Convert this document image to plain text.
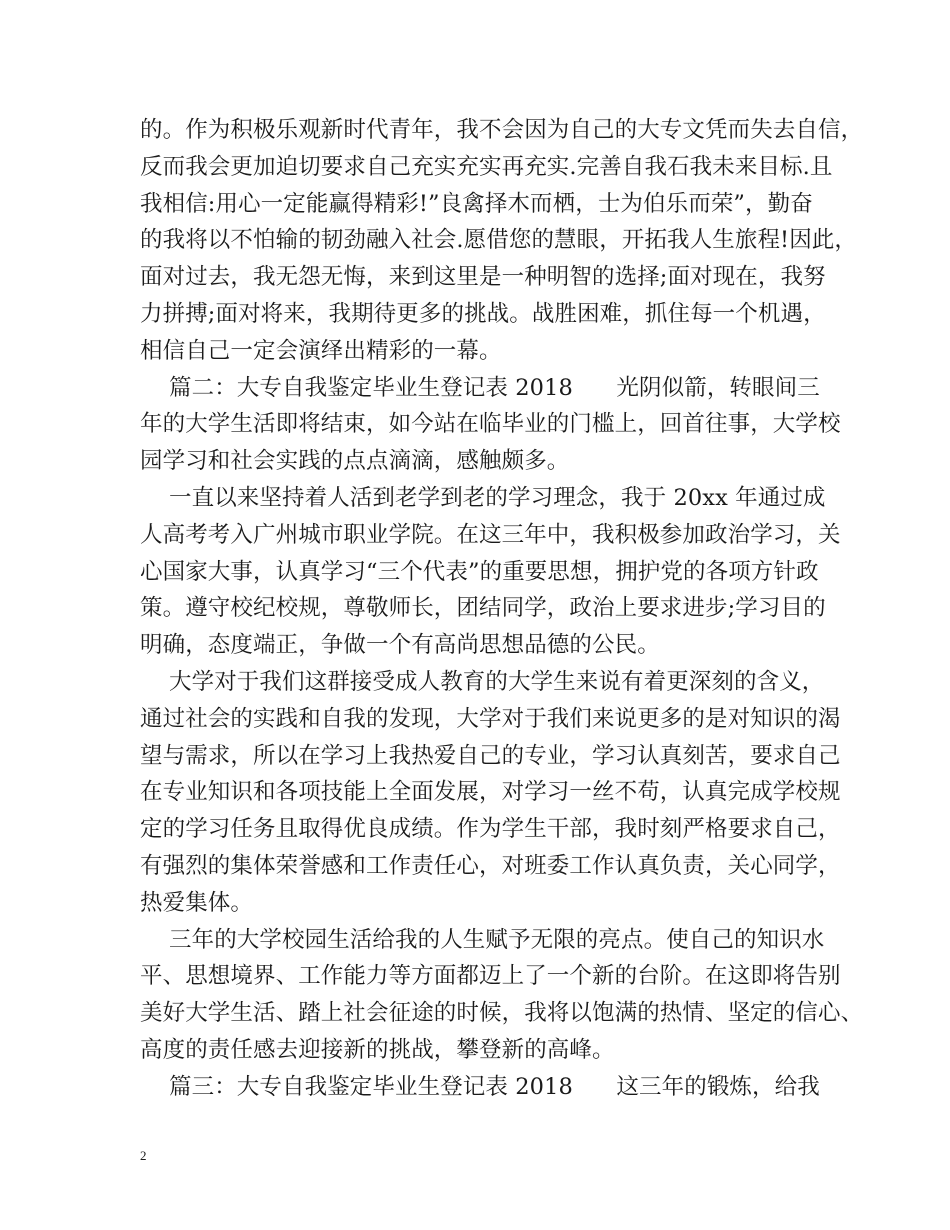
的。作为积极乐观新时代青年，我不会因为自己的大专文凭而失去自信，
反而我会更加迫切要求自己充实充实再充实.完善自我石我未来目标.且
我相信:用心一定能赢得精彩!”良禽择木而栖，士为伯乐而荣”，勤奋
的我将以不怕输的韧劲融入社会.愿借您的慧眼，开拓我人生旅程!因此，
面对过去，我无怨无悔，来到这里是一种明智的选择;面对现在，我努
力拼搏;面对将来，我期待更多的挑战。战胜困难，抓住每一个机遇，
相信自己一定会演绎出精彩的一幕。
篇二：大专自我鉴定毕业生登记表 2018      光阴似箭，转眼间三
年的大学生活即将结束，如今站在临毕业的门槛上，回首往事，大学校
园学习和社会实践的点点滴滴，感触颇多。
一直以来坚持着人活到老学到老的学习理念，我于 20xx 年通过成
人高考考入广州城市职业学院。在这三年中，我积极参加政治学习，关
心国家大事，认真学习“三个代表”的重要思想，拥护党的各项方针政
策。遵守校纪校规，尊敬师长，团结同学，政治上要求进步;学习目的
明确，态度端正，争做一个有高尚思想品德的公民。
大学对于我们这群接受成人教育的大学生来说有着更深刻的含义，
通过社会的实践和自我的发现，大学对于我们来说更多的是对知识的渴
望与需求，所以在学习上我热爱自己的专业，学习认真刻苦，要求自己
在专业知识和各项技能上全面发展，对学习一丝不苟，认真完成学校规
定的学习任务且取得优良成绩。作为学生干部，我时刻严格要求自己，
有强烈的集体荣誉感和工作责任心，对班委工作认真负责，关心同学，
热爱集体。
三年的大学校园生活给我的人生赋予无限的亮点。使自己的知识水
平、思想境界、工作能力等方面都迈上了一个新的台阶。在这即将告别
美好大学生活、踏上社会征途的时候，我将以饱满的热情、坚定的信心、
高度的责任感去迎接新的挑战，攀登新的高峰。
篇三：大专自我鉴定毕业生登记表 2018      这三年的锻炼，给我
2
